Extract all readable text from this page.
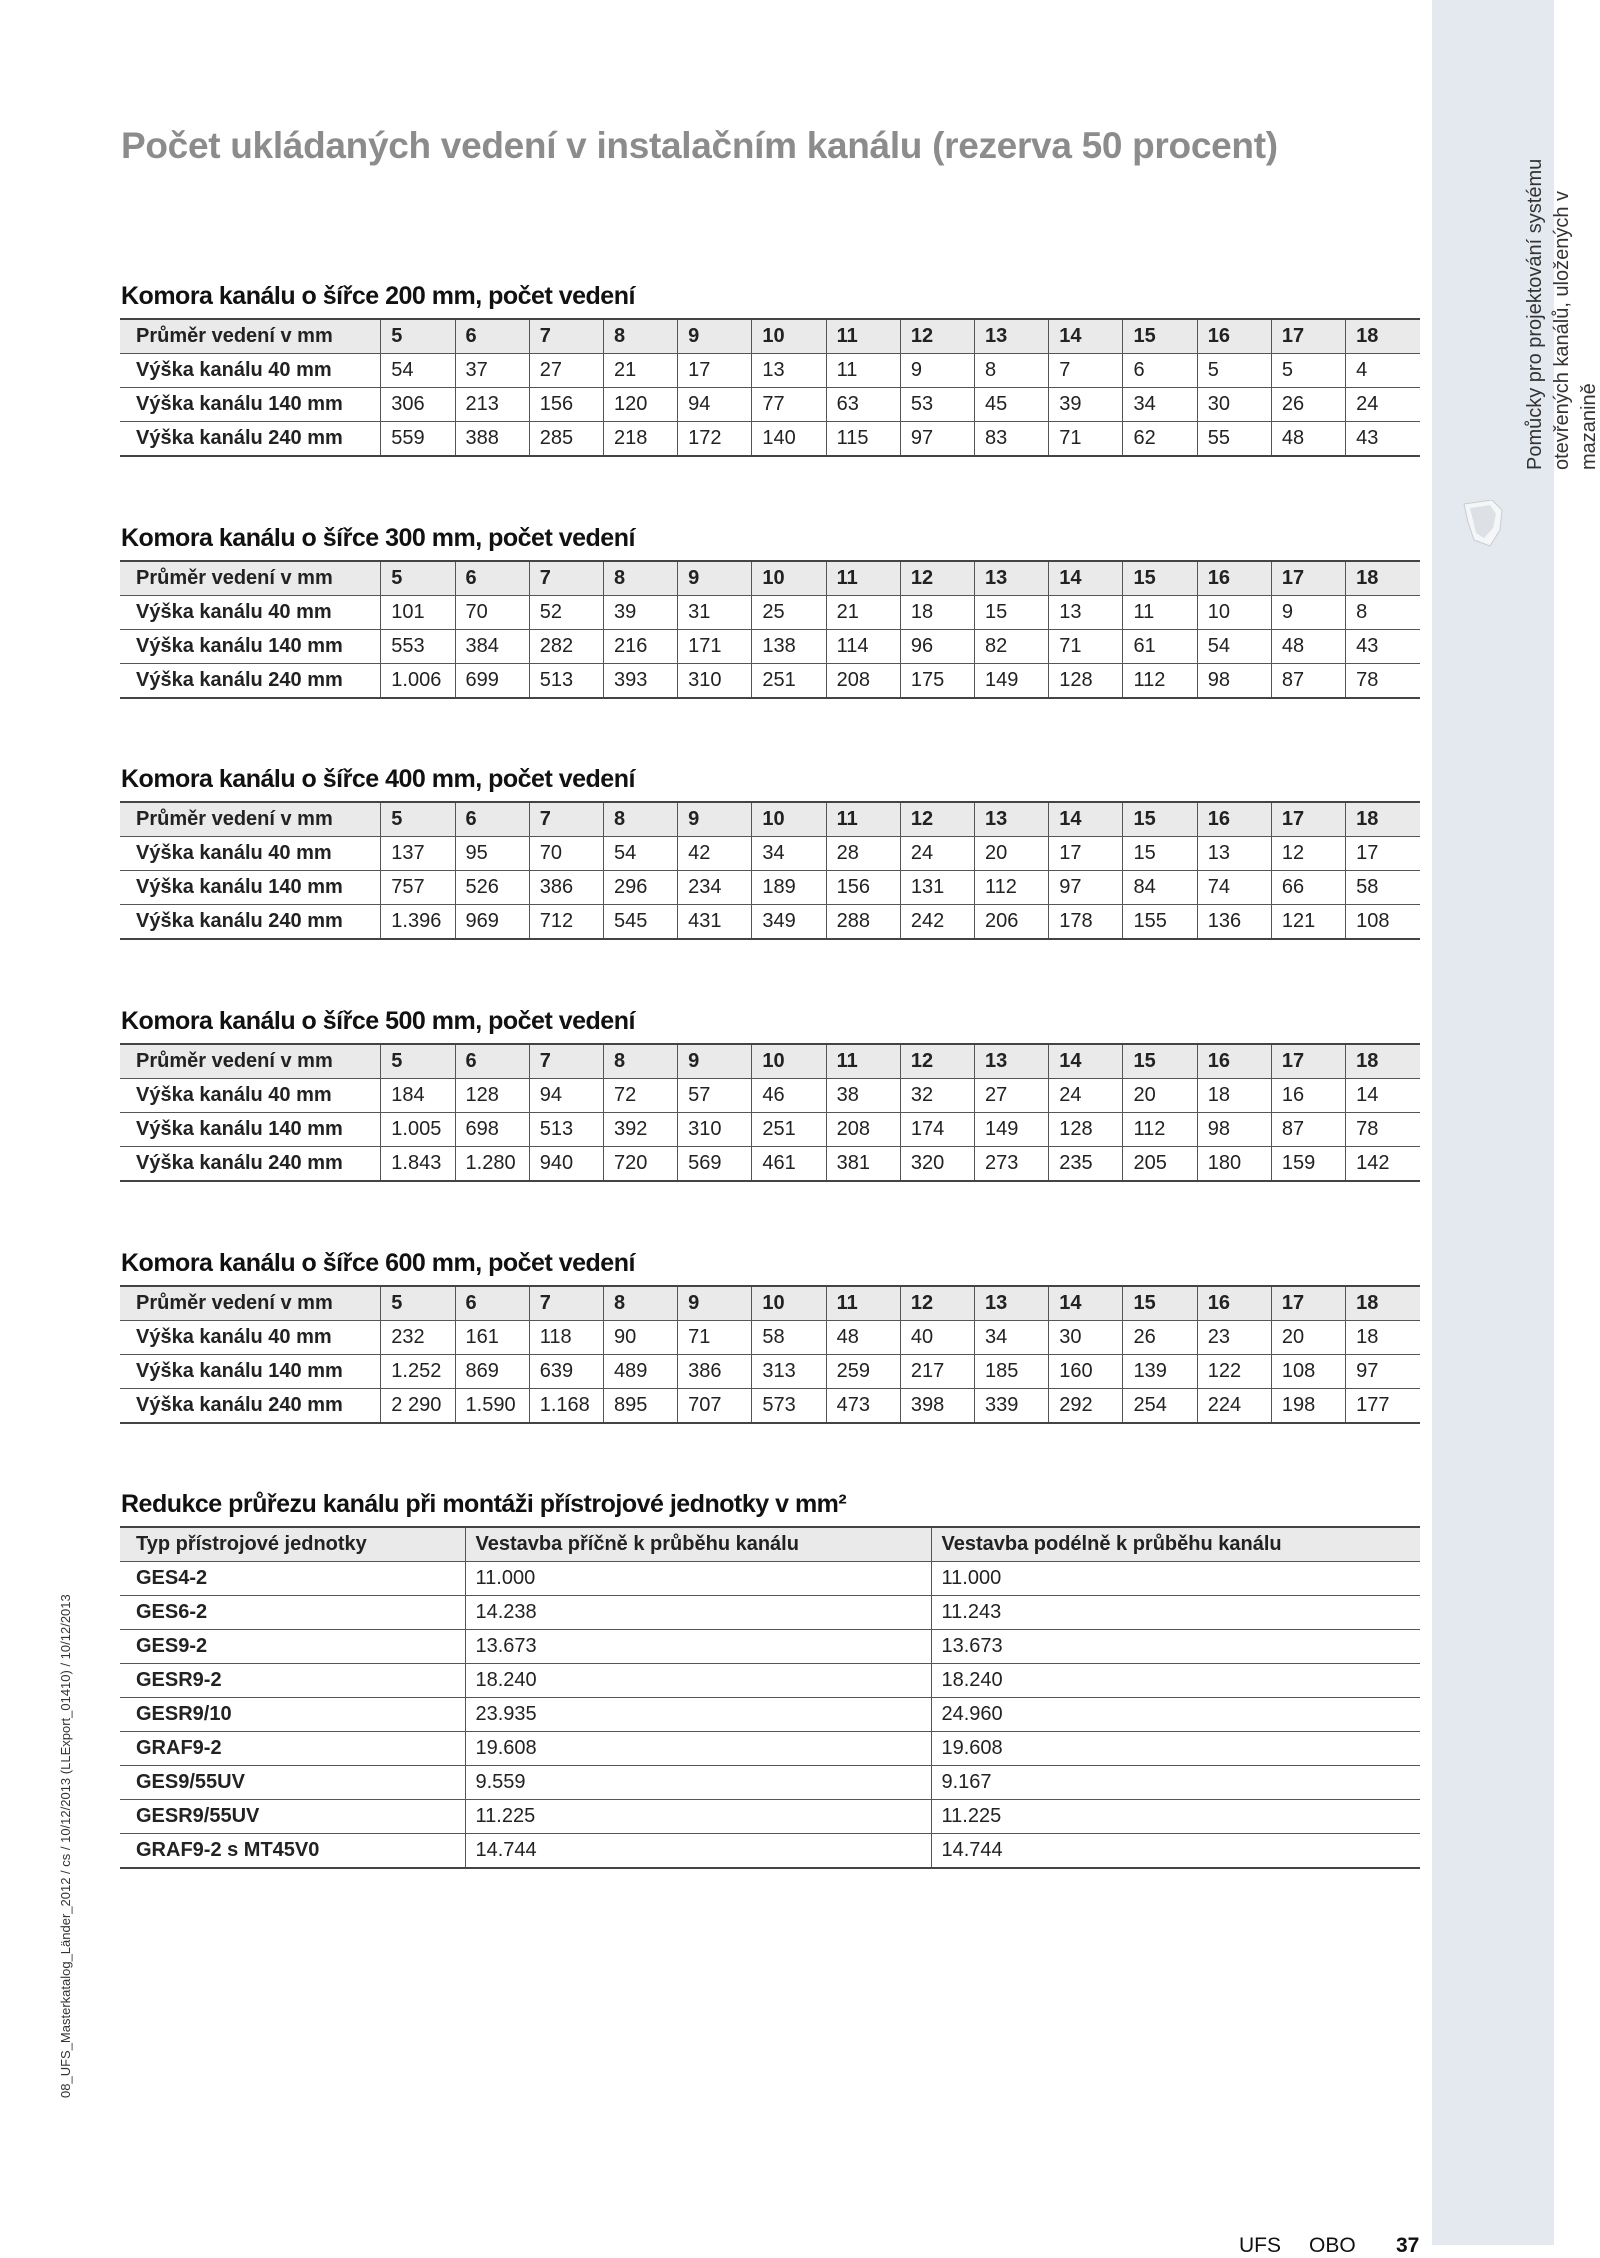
Pomůcky pro projektování systému otevřených kanálů, uložených v mazanině
Počet ukládaných vedení v instalačním kanálu (rezerva 50 procent)
Komora kanálu o šířce 200 mm, počet vedení
Průměr vedení v mm	5	6	7	8	9	10	11	12	13	14	15	16	17	18
Výška kanálu 40 mm	54	37	27	21	17	13	11	9	8	7	6	5	5	4
Výška kanálu 140 mm	306	213	156	120	94	77	63	53	45	39	34	30	26	24
Výška kanálu 240 mm	559	388	285	218	172	140	115	97	83	71	62	55	48	43
Komora kanálu o šířce 300 mm, počet vedení
Průměr vedení v mm	5	6	7	8	9	10	11	12	13	14	15	16	17	18
Výška kanálu 40 mm	101	70	52	39	31	25	21	18	15	13	11	10	9	8
Výška kanálu 140 mm	553	384	282	216	171	138	114	96	82	71	61	54	48	43
Výška kanálu 240 mm	1.006	699	513	393	310	251	208	175	149	128	112	98	87	78
Komora kanálu o šířce 400 mm, počet vedení
Průměr vedení v mm	5	6	7	8	9	10	11	12	13	14	15	16	17	18
Výška kanálu 40 mm	137	95	70	54	42	34	28	24	20	17	15	13	12	17
Výška kanálu 140 mm	757	526	386	296	234	189	156	131	112	97	84	74	66	58
Výška kanálu 240 mm	1.396	969	712	545	431	349	288	242	206	178	155	136	121	108
Komora kanálu o šířce 500 mm, počet vedení
Průměr vedení v mm	5	6	7	8	9	10	11	12	13	14	15	16	17	18
Výška kanálu 40 mm	184	128	94	72	57	46	38	32	27	24	20	18	16	14
Výška kanálu 140 mm	1.005	698	513	392	310	251	208	174	149	128	112	98	87	78
Výška kanálu 240 mm	1.843	1.280	940	720	569	461	381	320	273	235	205	180	159	142
Komora kanálu o šířce 600 mm, počet vedení
Průměr vedení v mm	5	6	7	8	9	10	11	12	13	14	15	16	17	18
Výška kanálu 40 mm	232	161	118	90	71	58	48	40	34	30	26	23	20	18
Výška kanálu 140 mm	1.252	869	639	489	386	313	259	217	185	160	139	122	108	97
Výška kanálu 240 mm	2 290	1.590	1.168	895	707	573	473	398	339	292	254	224	198	177
Redukce průřezu kanálu při montáži přístrojové jednotky v mm²
Typ přístrojové jednotky	Vestavba příčně k průběhu kanálu	Vestavba podélně k průběhu kanálu
GES4-2	11.000	11.000
GES6-2	14.238	11.243
GES9-2	13.673	13.673
GESR9-2	18.240	18.240
GESR9/10	23.935	24.960
GRAF9-2	19.608	19.608
GES9/55UV	9.559	9.167
GESR9/55UV	11.225	11.225
GRAF9-2 s MT45V0	14.744	14.744
08_UFS_Masterkatalog_Länder_2012 / cs / 10/12/2013 (LLExport_01410) / 10/12/2013
UFS OBO 37
